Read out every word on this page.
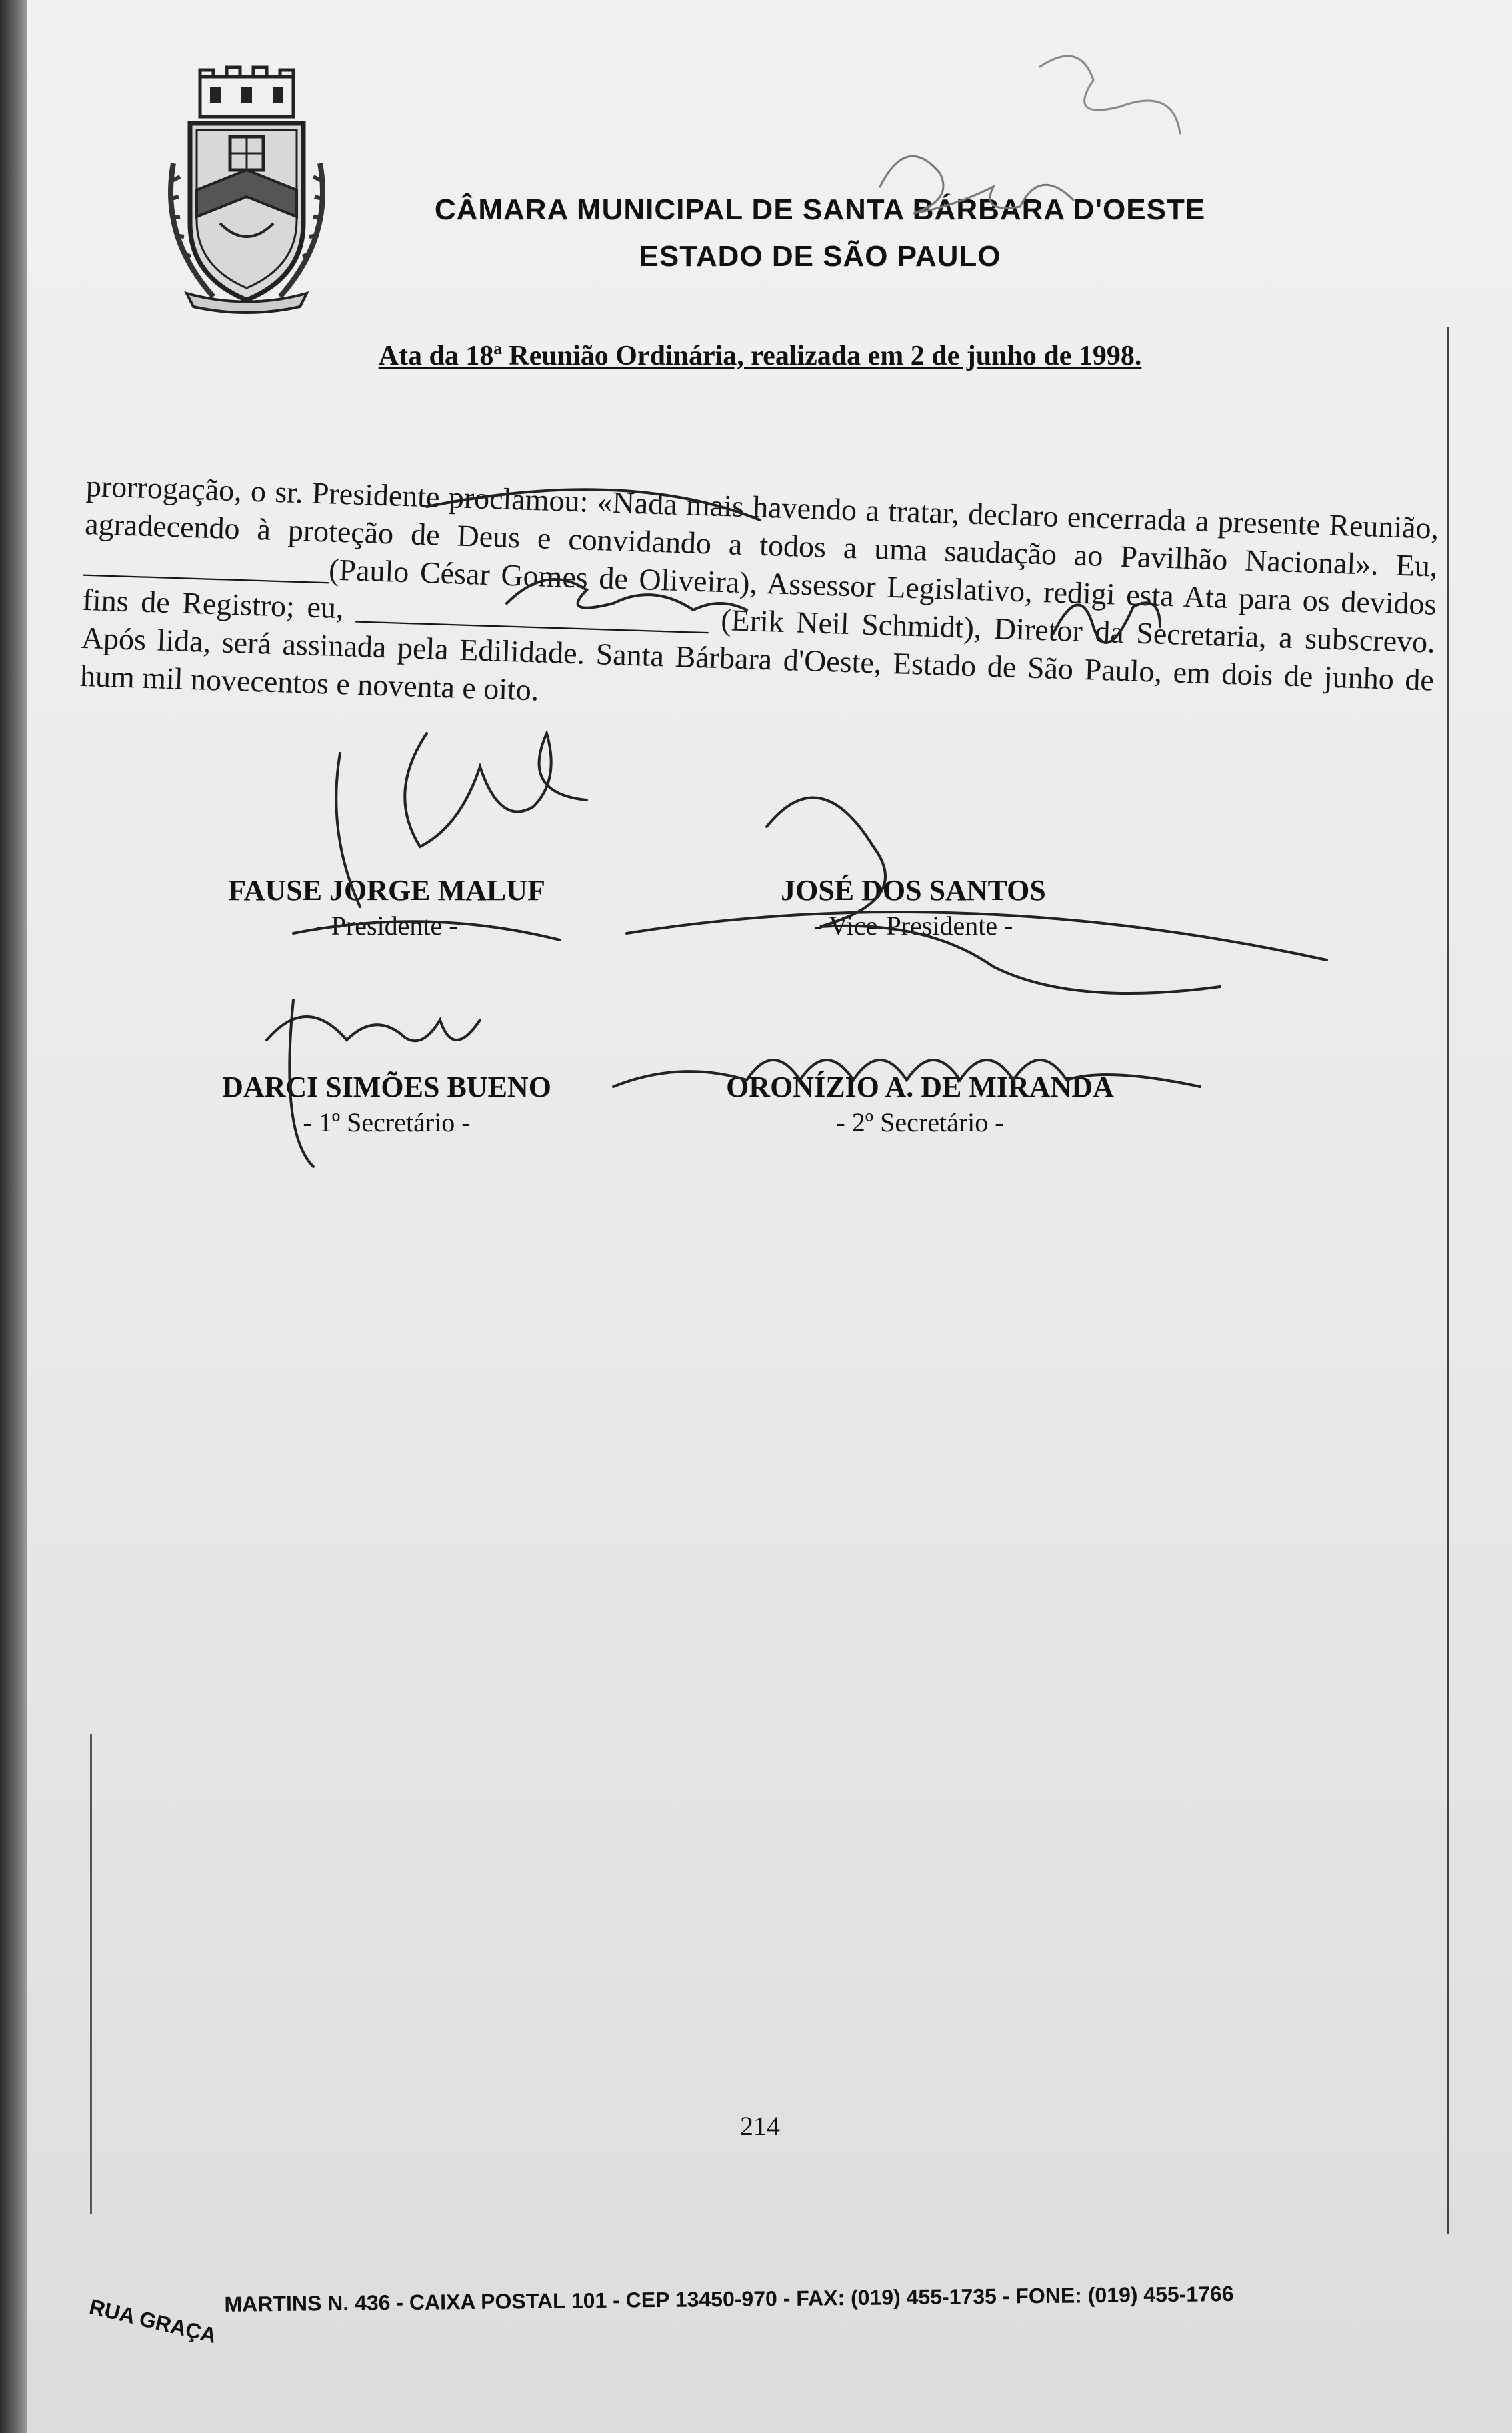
CÂMARA MUNICIPAL DE SANTA BÁRBARA D'OESTE
ESTADO DE SÃO PAULO
Ata da 18ª Reunião Ordinária, realizada em 2 de junho de 1998.

prorrogação, o sr. Presidente proclamou: «Nada mais havendo a tratar, declaro encerrada a presente Reunião, agradecendo à proteção de Deus e convidando a todos a uma saudação ao Pavilhão Nacional». Eu, ________________(Paulo César Gomes de Oliveira), Assessor Legislativo, redigi esta Ata para os devidos fins de Registro; eu, _______________________ (Erik Neil Schmidt), Diretor da Secretaria, a subscrevo. Após lida, será assinada pela Edilidade. Santa Bárbara d'Oeste, Estado de São Paulo, em dois de junho de hum mil novecentos e noventa e oito.

FAUSE JORGE MALUF
- Presidente -
JOSÉ DOS SANTOS
- Vice-Presidente -
DARCI SIMÕES BUENO
- 1º Secretário -
ORONÍZIO A. DE MIRANDA
- 2º Secretário -
214
RUA GRAÇA MARTINS N. 436 - CAIXA POSTAL 101 - CEP 13450-970 - FAX: (019) 455-1735 - FONE: (019) 455-1766
